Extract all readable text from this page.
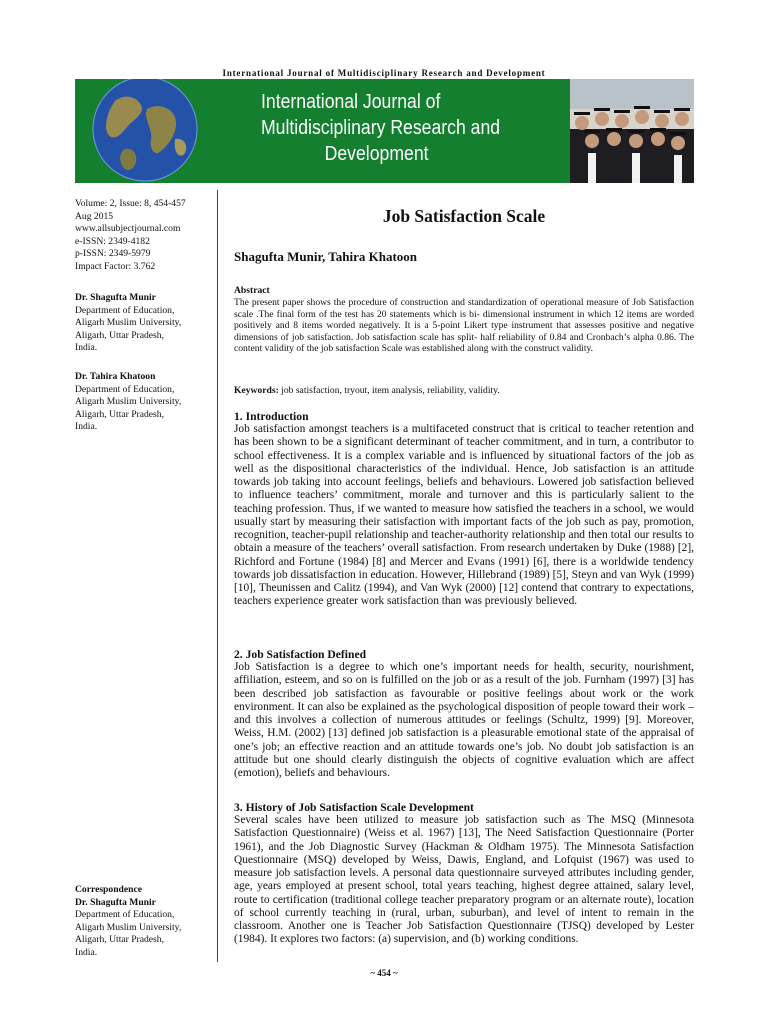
International Journal of Multidisciplinary Research and Development
International Journal of
Multidisciplinary Research and
Development
Volume: 2, Issue: 8, 454-457
Aug 2015
www.allsubjectjournal.com
e-ISSN: 2349-4182
p-ISSN: 2349-5979
Impact Factor: 3.762
Dr. Shagufta Munir
Department of Education,
Aligarh Muslim University,
Aligarh, Uttar Pradesh,
India.
Dr. Tahira Khatoon
Department of Education,
Aligarh Muslim University,
Aligarh, Uttar Pradesh,
India.
Correspondence
Dr. Shagufta Munir
Department of Education,
Aligarh Muslim University,
Aligarh, Uttar Pradesh,
India.
Job Satisfaction Scale
Shagufta Munir, Tahira Khatoon
Abstract
The present paper shows the procedure of construction and standardization of operational measure of Job Satisfaction scale .The final form of the test has 20 statements which is bi- dimensional instrument in which 12 items are worded positively and 8 items worded negatively. It is a 5-point Likert type instrument that assesses positive and negative dimensions of job satisfaction. Job satisfaction scale has split- half reliability of 0.84 and Cronbach’s alpha 0.86. The content validity of the job satisfaction Scale was established along with the construct validity.
Keywords: job satisfaction, tryout, item analysis, reliability, validity.
1. Introduction
Job satisfaction amongst teachers is a multifaceted construct that is critical to teacher retention and has been shown to be a significant determinant of teacher commitment, and in turn, a contributor to school effectiveness. It is a complex variable and is influenced by situational factors of the job as well as the dispositional characteristics of the individual. Hence, Job satisfaction is an attitude towards job taking into account feelings, beliefs and behaviours. Lowered job satisfaction believed to influence teachers’ commitment, morale and turnover and this is particularly salient to the teaching profession. Thus, if we wanted to measure how satisfied the teachers in a school, we would usually start by measuring their satisfaction with important facts of the job such as pay, promotion, recognition, teacher-pupil relationship and teacher-authority relationship and then total our results to obtain a measure of the teachers’ overall satisfaction. From research undertaken by Duke (1988) [2], Richford and Fortune (1984) [8] and Mercer and Evans (1991) [6], there is a worldwide tendency towards job dissatisfaction in education. However, Hillebrand (1989) [5], Steyn and van Wyk (1999) [10], Theunissen and Calitz (1994), and Van Wyk (2000) [12] contend that contrary to expectations, teachers experience greater work satisfaction than was previously believed.
2. Job Satisfaction Defined
Job Satisfaction is a degree to which one’s important needs for health, security, nourishment, affiliation, esteem, and so on is fulfilled on the job or as a result of the job. Furnham (1997) [3] has been described job satisfaction as favourable or positive feelings about work or the work environment. It can also be explained as the psychological disposition of people toward their work – and this involves a collection of numerous attitudes or feelings (Schultz, 1999) [9]. Moreover, Weiss, H.M. (2002) [13] defined job satisfaction is a pleasurable emotional state of the appraisal of one’s job; an effective reaction and an attitude towards one’s job. No doubt job satisfaction is an attitude but one should clearly distinguish the objects of cognitive evaluation which are affect (emotion), beliefs and behaviours.
3. History of Job Satisfaction Scale Development
Several scales have been utilized to measure job satisfaction such as The MSQ (Minnesota Satisfaction Questionnaire) (Weiss et al. 1967) [13], The Need Satisfaction Questionnaire (Porter 1961), and the Job Diagnostic Survey (Hackman & Oldham 1975). The Minnesota Satisfaction Questionnaire (MSQ) developed by Weiss, Dawis, England, and Lofquist (1967) was used to measure job satisfaction levels. A personal data questionnaire surveyed attributes including gender, age, years employed at present school, total years teaching, highest degree attained, salary level, route to certification (traditional college teacher preparatory program or an alternate route), location of school currently teaching in (rural, urban, suburban), and level of intent to remain in the classroom. Another one is Teacher Job Satisfaction Questionnaire (TJSQ) developed by Lester (1984). It explores two factors: (a) supervision, and (b) working conditions.
~ 454 ~
